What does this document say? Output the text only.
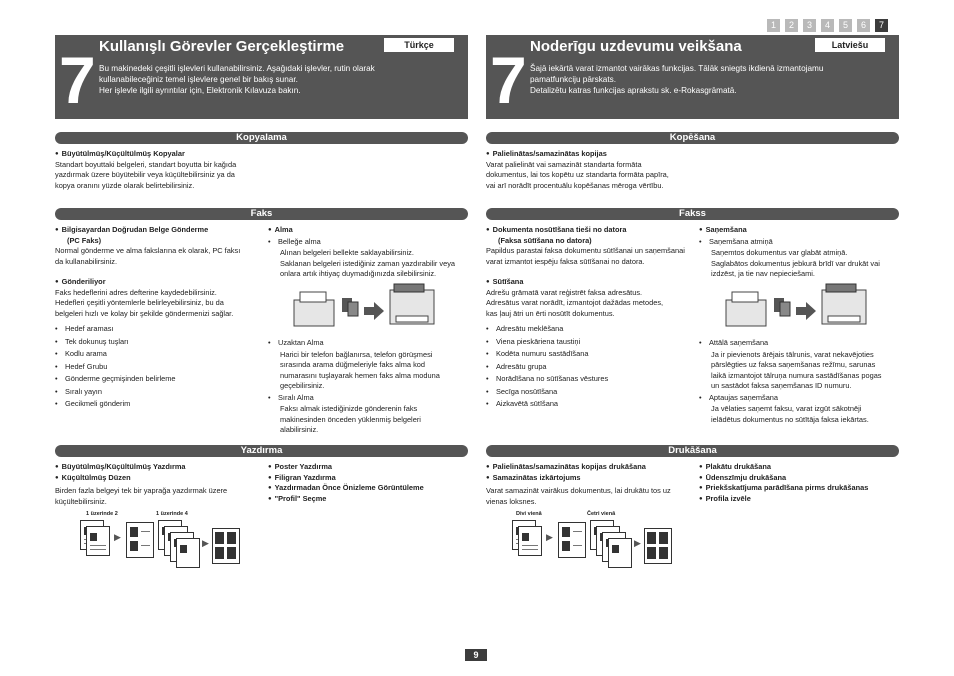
1	2	3	4	5	6	7
7 Kullanışlı Görevler Gerçekleştirme	Türkçe
Bu makinedeki çeşitli işlevleri kullanabilirsiniz. Aşağıdaki işlevler, rutin olarak
kullanabileceğiniz temel işlevlere genel bir bakış sunar.
Her işlevle ilgili ayrıntılar için, Elektronik Kılavuza bakın.
Kopyalama
● Büyütülmüş/Küçültülmüş Kopyalar
Standart boyuttaki belgeleri, standart boyutta bir kağıda
yazdırmak üzere büyütebilir veya küçültebilirsiniz ya da
kopya oranını yüzde olarak belirtebilirsiniz.
Faks
● Bilgisayardan Doğrudan Belge Gönderme
(PC Faks)
Normal gönderme ve alma fakslarına ek olarak, PC faksı
da kullanabilirsiniz.
● Gönderiliyor
Faks hedeflerini adres defterine kaydedebilirsiniz.
Hedefleri çeşitli yöntemlerle belirleyebilirsiniz, bu da
belgeleri hızlı ve kolay bir şekilde göndermenizi sağlar.
• Hedef araması
• Tek dokunuş tuşları
• Kodlu arama
• Hedef Grubu
• Gönderme geçmişinden belirleme
• Sıralı yayın
• Gecikmeli gönderim
● Alma
• Belleğe alma
Alınan belgeleri bellekte saklayabilirsiniz.
Saklanan belgeleri istediğiniz zaman yazdırabilir veya
onlara artık ihtiyaç duymadığınızda silebilirsiniz.
• Uzaktan Alma
Harici bir telefon bağlanırsa, telefon görüşmesi
sırasında arama düğmeleriyle faks alma kod
numarasını tuşlayarak hemen faks alma moduna
geçebilirsiniz.
• Sıralı Alma
Faksı almak istediğinizde gönderenin faks
makinesinden önceden yüklenmiş belgeleri
alabilirsiniz.
Yazdırma
● Büyütülmüş/Küçültülmüş Yazdırma
● Küçültülmüş Düzen
Birden fazla belgeyi tek bir yaprağa yazdırmak üzere
küçültebilirsiniz.
1 üzerinde 2	1 üzerinde 4
▶
▶
● Poster Yazdırma
● Filigran Yazdırma
● Yazdırmadan Önce Önizleme Görüntüleme
● "Profil" Seçme
7 Noderīgu uzdevumu veikšana	Latviešu
Šajā iekārtā varat izmantot vairākas funkcijas. Tālāk sniegts ikdienā izmantojamu
pamatfunkciju pārskats.
Detalizētu katras funkcijas aprakstu sk. e-Rokasgrāmatā.
Kopēšana
● Palielinātas/samazinātas kopijas
Varat palielināt vai samazināt standarta formāta
dokumentus, lai tos kopētu uz standarta formāta papīra,
vai arī norādīt procentuālu kopēšanas mēroga vērtību.
Fakss
● Dokumenta nosūtīšana tieši no datora
(Faksa sūtīšana no datora)
Papildus parastai faksa dokumentu sūtīšanai un saņemšanai
varat izmantot iespēju faksa sūtīšanai no datora.
● Sūtīšana
Adrešu grāmatā varat reģistrēt faksa adresātus.
Adresātus varat norādīt, izmantojot dažādas metodes,
kas ļauj ātri un ērti nosūtīt dokumentus.
• Adresātu meklēšana
• Viena pieskāriena taustiņi
• Kodēta numuru sastādīšana
• Adresātu grupa
• Norādīšana no sūtīšanas vēstures
• Secīga nosūtīšana
• Aizkavētā sūtīšana
● Saņemšana
• Saņemšana atmiņā
Saņemtos dokumentus var glabāt atmiņā.
Saglabātos dokumentus jebkurā brīdī var drukāt vai
izdzēst, ja tie nav nepieciešami.
• Attālā saņemšana
Ja ir pievienots ārējais tālrunis, varat nekavējoties
pārslēgties uz faksa saņemšanas režīmu, sarunas
laikā izmantojot tālruņa numura sastādīšanas pogas
un sastādot faksa saņemšanas ID numuru.
• Aptaujas saņemšana
Ja vēlaties saņemt faksu, varat izgūt sākotnēji
ielādētus dokumentus no sūtītāja faksa iekārtas.
Drukāšana
● Palielinātas/samazinātas kopijas drukāšana
● Samazinātas izkārtojums
Varat samazināt vairākus dokumentus, lai drukātu tos uz
vienas loksnes.
Divi vienā	Četri vienā
▶
▶
● Plakātu drukāšana
● Ūdenszīmju drukāšana
● Priekšskatījuma parādīšana pirms drukāšanas
● Profila izvēle
9
